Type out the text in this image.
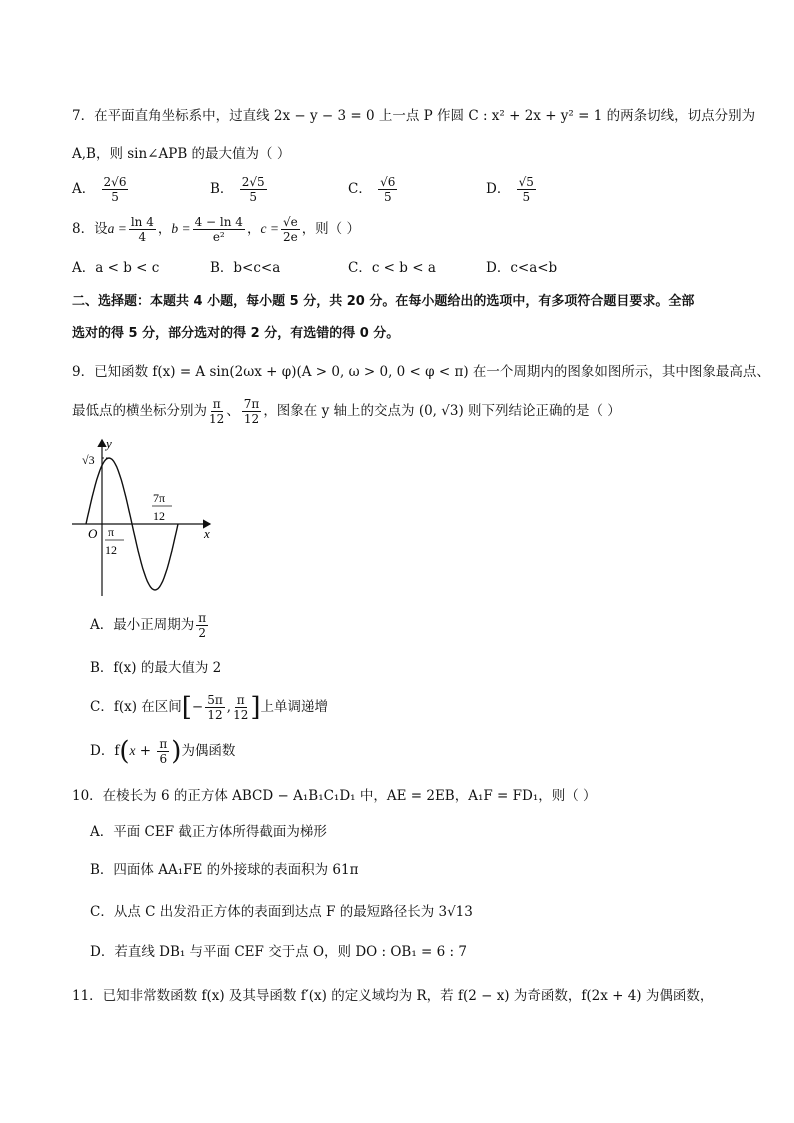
7．在平面直角坐标系中，过直线 2x − y − 3 = 0 上一点 P 作圆 C : x² + 2x + y² = 1 的两条切线，切点分别为
A,B，则 sin∠APB 的最大值为（ ）
A． $\frac{2√6}{5}$	B． $\frac{2√5}{5}$	C． $\frac{√6}{5}$	D． $\frac{√5}{5}$
8．设$a = \frac{\ln 4}{4}$ ，$b = \frac{4 - \ln 4}{\text{e²}}$ ，$c = \frac{√e}{2e}$ ，则（ ）
A．a < b < c	B．b<c<a	C．c < b < a	D．c<a<b
二、选择题：本题共 4 小题，每小题 5 分，共 20 分。在每小题给出的选项中，有多项符合题目要求。全部
选对的得 5 分，部分选对的得 2 分，有选错的得 0 分。
9．已知函数 f(x) = A sin(2ωx + φ)(A > 0, ω > 0, 0 < φ < π) 在一个周期内的图象如图所示，其中图象最高点、
最低点的横坐标分别为 $\frac{\pi}{12}$ 、 $\frac{7\pi}{12}$ ，图象在 y 轴上的交点为 (0, √3) 则下列结论正确的是（ ）
y
x
O
√3
π
12
7π
12
A．最小正周期为 $\frac{\pi}{2}$
B．f(x) 的最大值为 2
C．f(x) 在区间[− $\frac{5\pi}{12}$ , $\frac{\pi}{12}$ ]上单调递增
D．$f(x + \frac{\pi}{6}$ )为偶函数
10．在棱长为 6 的正方体 ABCD − A₁B₁C₁D₁ 中，AE = 2EB，A₁F = FD₁，则（ ）
A．平面 CEF 截正方体所得截面为梯形
B．四面体 AA₁FE 的外接球的表面积为 61π
C．从点 C 出发沿正方体的表面到达点 F 的最短路径长为 3√13
D．若直线 DB₁ 与平面 CEF 交于点 O，则 DO : OB₁ = 6 : 7
11．已知非常数函数 f(x) 及其导函数 f′(x) 的定义域均为 R，若 f(2 − x) 为奇函数，f(2x + 4) 为偶函数，
